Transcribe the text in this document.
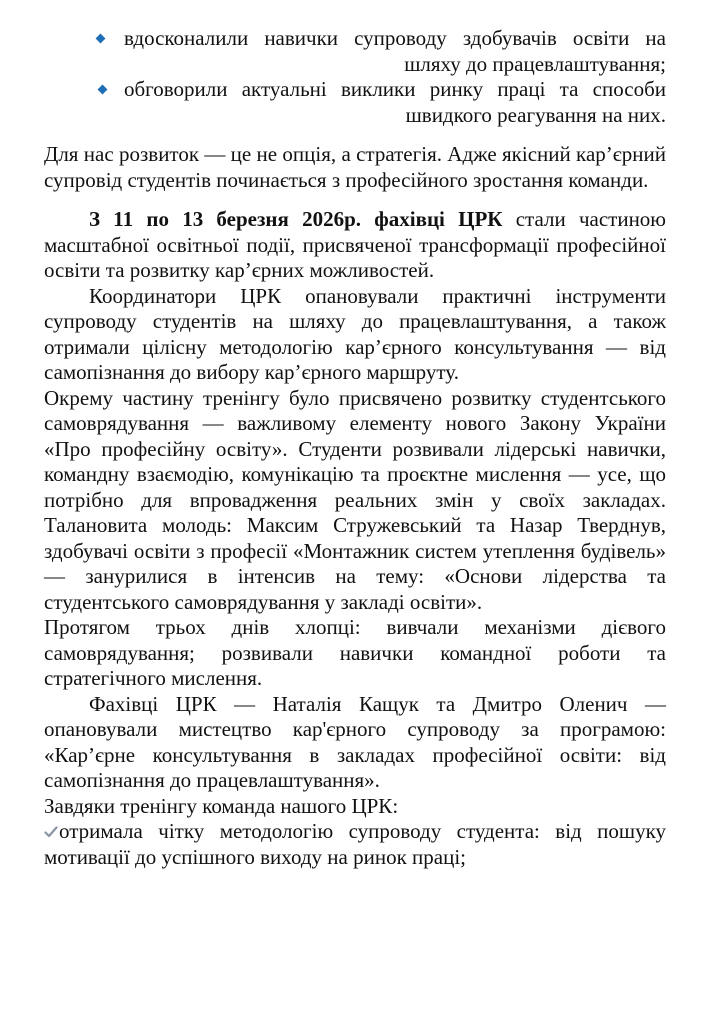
вдосконалили навички супроводу здобувачів освіти на шляху до працевлаштування;
обговорили актуальні виклики ринку праці та способи швидкого реагування на них.

Для нас розвиток — це не опція, а стратегія. Адже якісний кар’єрний супровід студентів починається з професійного зростання команди.

З 11 по 13 березня 2026р. фахівці ЦРК стали частиною масштабної освітньої події, присвяченої трансформації професійної освіти та розвитку кар’єрних можливостей.

Координатори ЦРК опановували практичні інструменти супроводу студентів на шляху до працевлаштування, а також отримали цілісну методологію кар’єрного консультування — від самопізнання до вибору кар’єрного маршруту.

Окрему частину тренінгу було присвячено розвитку студентського самоврядування — важливому елементу нового Закону України «Про професійну освіту». Студенти розвивали лідерські навички, командну взаємодію, комунікацію та проєктне мислення — усе, що потрібно для впровадження реальних змін у своїх закладах. Талановита молодь: Максим Стружевський та Назар Тверднув, здобувачі освіти з професії «Монтажник систем утеплення будівель» — занурилися в інтенсив на тему: «Основи лідерства та студентського самоврядування у закладі освіти».

Протягом трьох днів хлопці: вивчали механізми дієвого самоврядування; розвивали навички командної роботи та стратегічного мислення.

Фахівці ЦРК — Наталія Кащук та Дмитро Оленич — опановували мистецтво кар'єрного супроводу за програмою: «Кар’єрне консультування в закладах професійної освіти: від самопізнання до працевлаштування».

Завдяки тренінгу команда нашого ЦРК:

отримала чітку методологію супроводу студента: від пошуку мотивації до успішного виходу на ринок праці;
